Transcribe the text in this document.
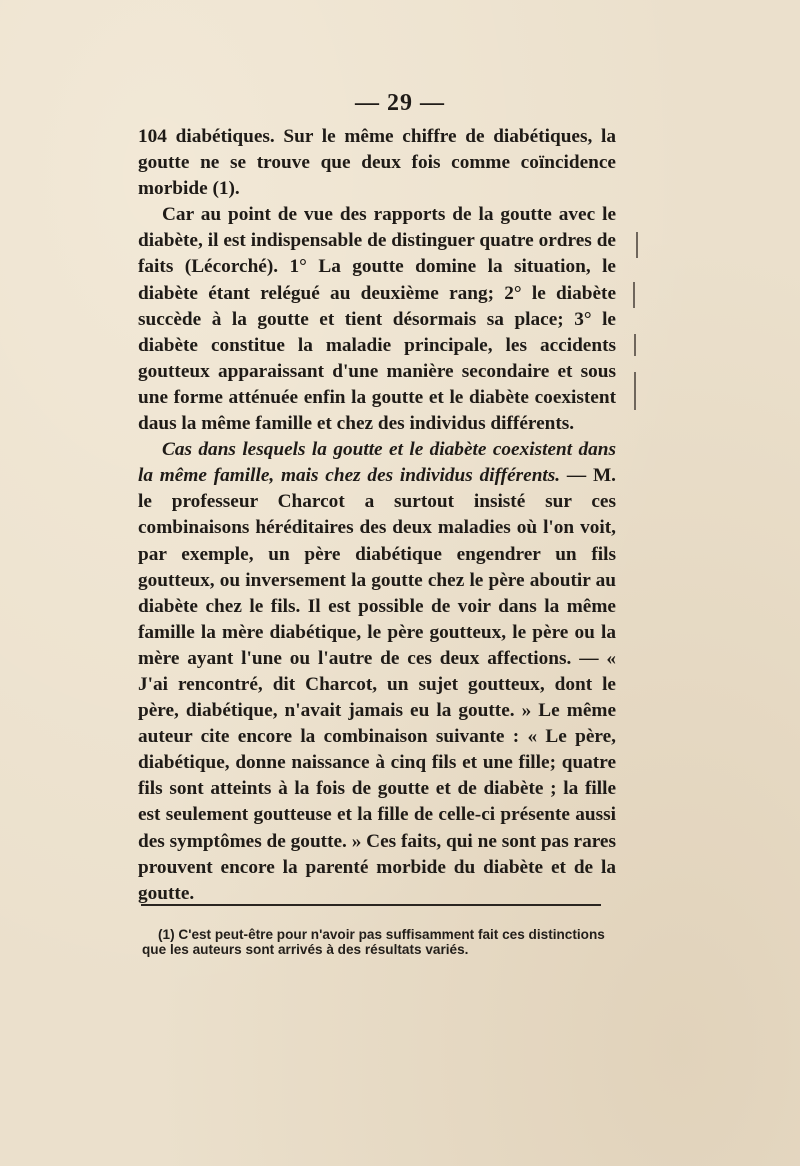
— 29 —

104 diabétiques. Sur le même chiffre de diabétiques, la goutte ne se trouve que deux fois comme coïncidence morbide (1).

Car au point de vue des rapports de la goutte avec le diabète, il est indispensable de distinguer quatre ordres de faits (Lécorché). 1° La goutte domine la situation, le diabète étant relégué au deuxième rang; 2° le diabète succède à la goutte et tient désormais sa place; 3° le diabète constitue la maladie principale, les accidents goutteux apparaissant d'une manière secondaire et sous une forme atténuée enfin la goutte et le diabète coexistent daus la même famille et chez des individus différents.

Cas dans lesquels la goutte et le diabète coexistent dans la même famille, mais chez des individus différents. — M. le professeur Charcot a surtout insisté sur ces combinaisons héréditaires des deux maladies où l'on voit, par exemple, un père diabétique engendrer un fils goutteux, ou inversement la goutte chez le père aboutir au diabète chez le fils. Il est possible de voir dans la même famille la mère diabétique, le père goutteux, le père ou la mère ayant l'une ou l'autre de ces deux affections. — « J'ai rencontré, dit Charcot, un sujet goutteux, dont le père, diabétique, n'avait jamais eu la goutte. » Le même auteur cite encore la combinaison suivante : « Le père, diabétique, donne naissance à cinq fils et une fille; quatre fils sont atteints à la fois de goutte et de diabète ; la fille est seulement goutteuse et la fille de celle-ci présente aussi des symptômes de goutte. » Ces faits, qui ne sont pas rares prouvent encore la parenté morbide du diabète et de la goutte.

(1) C'est peut-être pour n'avoir pas suffisamment fait ces distinctions que les auteurs sont arrivés à des résultats variés.
